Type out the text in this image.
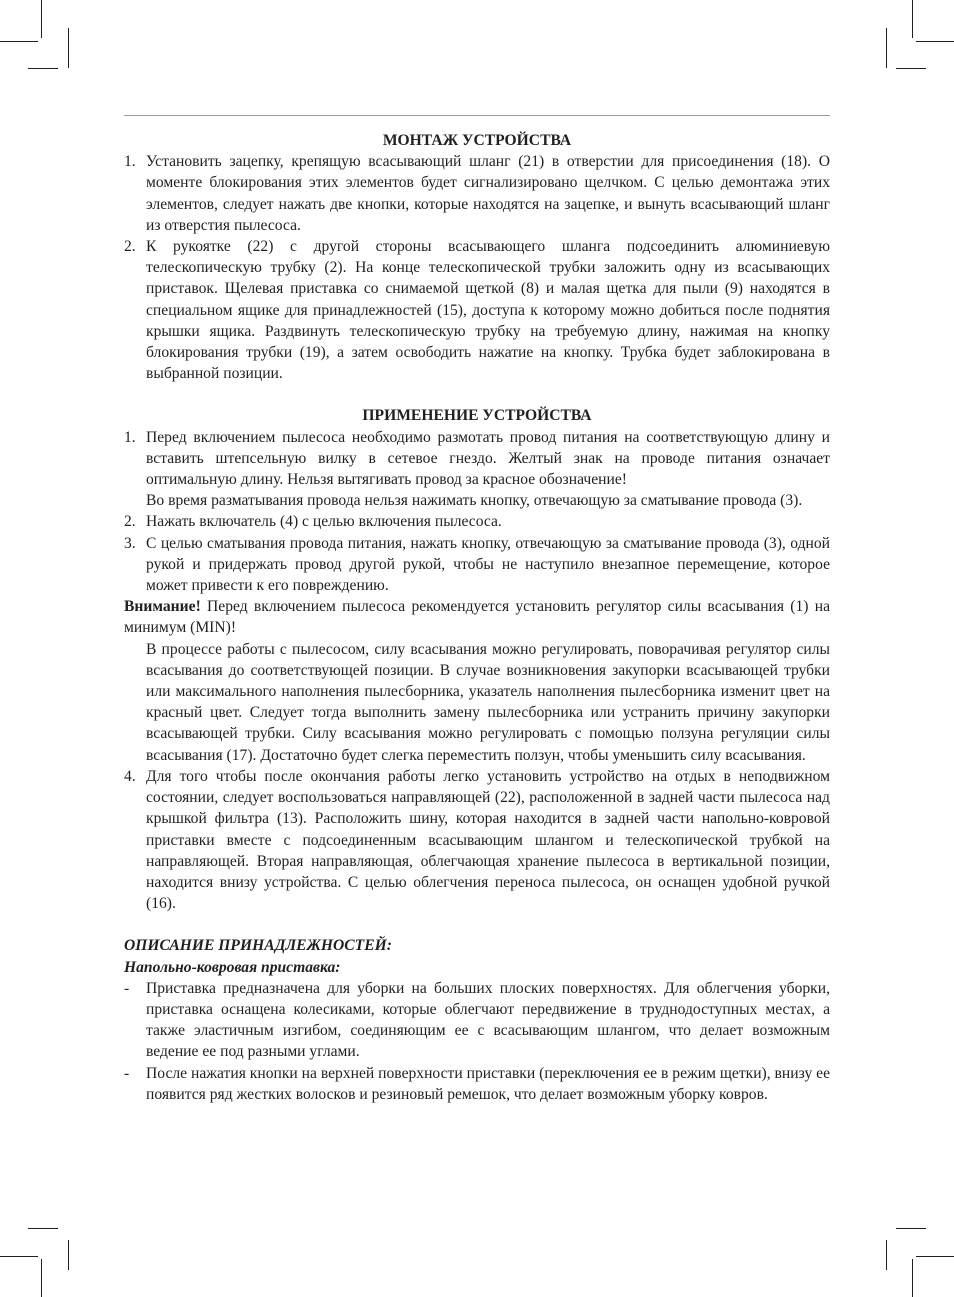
МОНТАЖ УСТРОЙСТВА

1. Установить зацепку, крепящую всасывающий шланг (21) в отверстии для присоединения (18). О моменте блокирования этих элементов будет сигнализировано щелчком. С целью демонтажа этих элементов, следует нажать две кнопки, которые находятся на зацепке, и вынуть всасывающий шланг из отверстия пылесоса.
2. К рукоятке (22) с другой стороны всасывающего шланга подсоединить алюминиевую телескопическую трубку (2). На конце телескопической трубки заложить одну из всасывающих приставок. Щелевая приставка со снимаемой щеткой (8) и малая щетка для пыли (9) находятся в специальном ящике для принадлежностей (15), доступа к которому можно добиться после поднятия крышки ящика. Раздвинуть телескопическую трубку на требуемую длину, нажимая на кнопку блокирования трубки (19), а затем освободить нажатие на кнопку. Трубка будет заблокирована в выбранной позиции.

ПРИМЕНЕНИЕ УСТРОЙСТВА

1. Перед включением пылесоса необходимо размотать провод питания на соответствующую длину и вставить штепсельную вилку в сетевое гнездо. Желтый знак на проводе питания означает оптимальную длину. Нельзя вытягивать провод за красное обозначение!

Во время разматывания провода нельзя нажимать кнопку, отвечающую за сматывание провода (3).

2. Нажать включатель (4) с целью включения пылесоса.
3. С целью сматывания провода питания, нажать кнопку, отвечающую за сматывание провода (3), одной рукой и придержать провод другой рукой, чтобы не наступило внезапное перемещение, которое может привести к его повреждению.

Внимание! Перед включением пылесоса рекомендуется установить регулятор силы всасывания (1) на минимум (MIN)!

В процессе работы с пылесосом, силу всасывания можно регулировать, поворачивая регулятор силы всасывания до соответствующей позиции. В случае возникновения закупорки всасывающей трубки или максимального наполнения пылесборника, указатель наполнения пылесборника изменит цвет на красный цвет. Следует тогда выполнить замену пылесборника или устранить причину закупорки всасывающей трубки. Силу всасывания можно регулировать с помощью ползуна регуляции силы всасывания (17). Достаточно будет слегка переместить ползун, чтобы уменьшить силу всасывания.

4. Для того чтобы после окончания работы легко установить устройство на отдых в неподвижном состоянии, следует воспользоваться направляющей (22), расположенной в задней части пылесоса над крышкой фильтра (13). Расположить шину, которая находится в задней части напольно-ковровой приставки вместе с подсоединенным всасывающим шлангом и телескопической трубкой на направляющей. Вторая направляющая, облегчающая хранение пылесоса в вертикальной позиции, находится внизу устройства. С целью облегчения переноса пылесоса, он оснащен удобной ручкой (16).

ОПИСАНИЕ ПРИНАДЛЕЖНОСТЕЙ:

Напольно-ковровая приставка:

- Приставка предназначена для уборки на больших плоских поверхностях. Для облегчения уборки, приставка оснащена колесиками, которые облегчают передвижение в труднодоступных местах, а также эластичным изгибом, соединяющим ее с всасывающим шлангом, что делает возможным ведение ее под разными углами.
- После нажатия кнопки на верхней поверхности приставки (переключения ее в режим щетки), внизу ее появится ряд жестких волосков и резиновый ремешок, что делает возможным уборку ковров.
